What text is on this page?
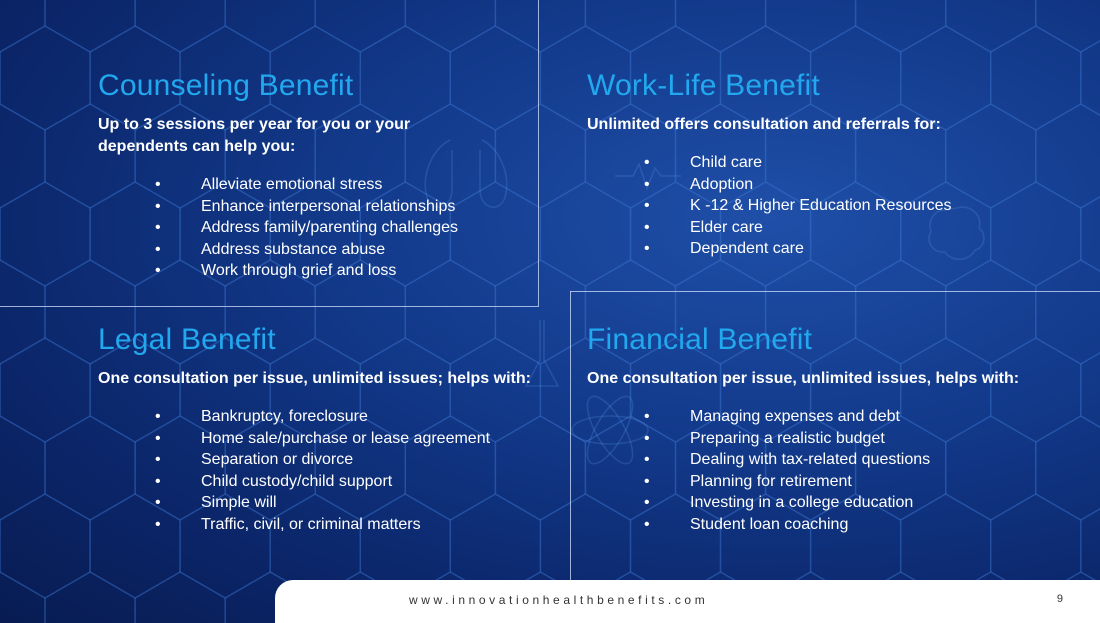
Counseling Benefit
Up to 3 sessions per year for you or your
dependents can help you:
•	Alleviate emotional stress
•	Enhance interpersonal relationships
•	Address family/parenting challenges
•	Address substance abuse
•	Work through grief and loss
Work-Life Benefit
Unlimited offers consultation and referrals for:
•	Child care
•	Adoption
•	K -12 & Higher Education Resources
•	Elder care
•	Dependent care
Legal Benefit
One consultation per issue, unlimited issues; helps with:
•	Bankruptcy, foreclosure
•	Home sale/purchase or lease agreement
•	Separation or divorce
•	Child custody/child support
•	Simple will
•	Traffic, civil, or criminal matters
Financial Benefit
One consultation per issue, unlimited issues, helps with:
•	Managing expenses and debt
•	Preparing a realistic budget
•	Dealing with tax-related questions
•	Planning for retirement
•	Investing in a college education
•	Student loan coaching
www.innovationhealthbenefits.com	9
